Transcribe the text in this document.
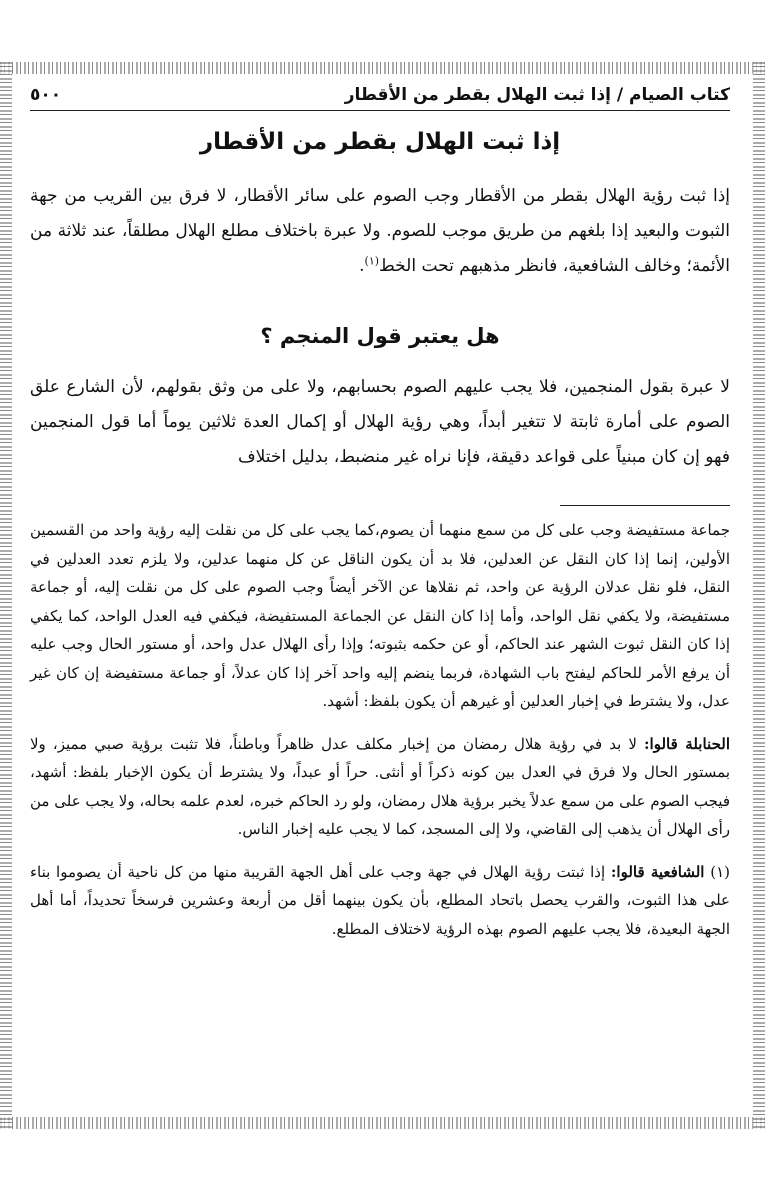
كتاب الصيام / إذا ثبت الهلال بقطر من الأقطار
٥٠٠
إذا ثبت الهلال بقطر من الأقطار

إذا ثبت رؤية الهلال بقطر من الأقطار وجب الصوم على سائر الأقطار، لا فرق بين القريب من جهة الثبوت والبعيد إذا بلغهم من طريق موجب للصوم. ولا عبرة باختلاف مطلع الهلال مطلقاً، عند ثلاثة من الأئمة؛ وخالف الشافعية، فانظر مذهبهم تحت الخط$^{(١)}$.

هل يعتبر قول المنجم ؟

لا عبرة بقول المنجمين، فلا يجب عليهم الصوم بحسابهم، ولا على من وثق بقولهم، لأن الشارع علق الصوم على أمارة ثابتة لا تتغير أبداً، وهي رؤية الهلال أو إكمال العدة ثلاثين يوماً أما قول المنجمين فهو إن كان مبنياً على قواعد دقيقة، فإنا نراه غير منضبط، بدليل اختلاف

جماعة مستفيضة وجب على كل من سمع منهما أن يصوم،كما يجب على كل من نقلت إليه رؤية واحد من القسمين الأولين، إنما إذا كان النقل عن العدلين، فلا بد أن يكون الناقل عن كل منهما عدلين، ولا يلزم تعدد العدلين في النقل، فلو نقل عدلان الرؤية عن واحد، ثم نقلاها عن الآخر أيضاً وجب الصوم على كل من نقلت إليه، أو جماعة مستفيضة، ولا يكفي نقل الواحد، وأما إذا كان النقل عن الجماعة المستفيضة، فيكفي فيه العدل الواحد، كما يكفي إذا كان النقل ثبوت الشهر عند الحاكم، أو عن حكمه بثبوته؛ وإذا رأى الهلال عدل واحد، أو مستور الحال وجب عليه أن يرفع الأمر للحاكم ليفتح باب الشهادة، فربما ينضم إليه واحد آخر إذا كان عدلاً، أو جماعة مستفيضة إن كان غير عدل، ولا يشترط في إخبار العدلين أو غيرهم أن يكون بلفظ: أشهد.

الحنابلة قالوا: لا بد في رؤية هلال رمضان من إخبار مكلف عدل ظاهراً وباطناً، فلا تثبت برؤية صبي مميز، ولا بمستور الحال ولا فرق في العدل بين كونه ذكراً أو أنثى. حراً أو عبداً، ولا يشترط أن يكون الإخبار بلفظ: أشهد، فيجب الصوم على من سمع عدلاً يخبر برؤية هلال رمضان، ولو رد الحاكم خبره، لعدم علمه بحاله، ولا يجب على من رأى الهلال أن يذهب إلى القاضي، ولا إلى المسجد، كما لا يجب عليه إخبار الناس.

(١) الشافعية قالوا: إذا ثبتت رؤية الهلال في جهة وجب على أهل الجهة القريبة منها من كل ناحية أن يصوموا بناء على هذا الثبوت، والقرب يحصل باتحاد المطلع، بأن يكون بينهما أقل من أربعة وعشرين فرسخاً تحديداً، أما أهل الجهة البعيدة، فلا يجب عليهم الصوم بهذه الرؤية لاختلاف المطلع.
